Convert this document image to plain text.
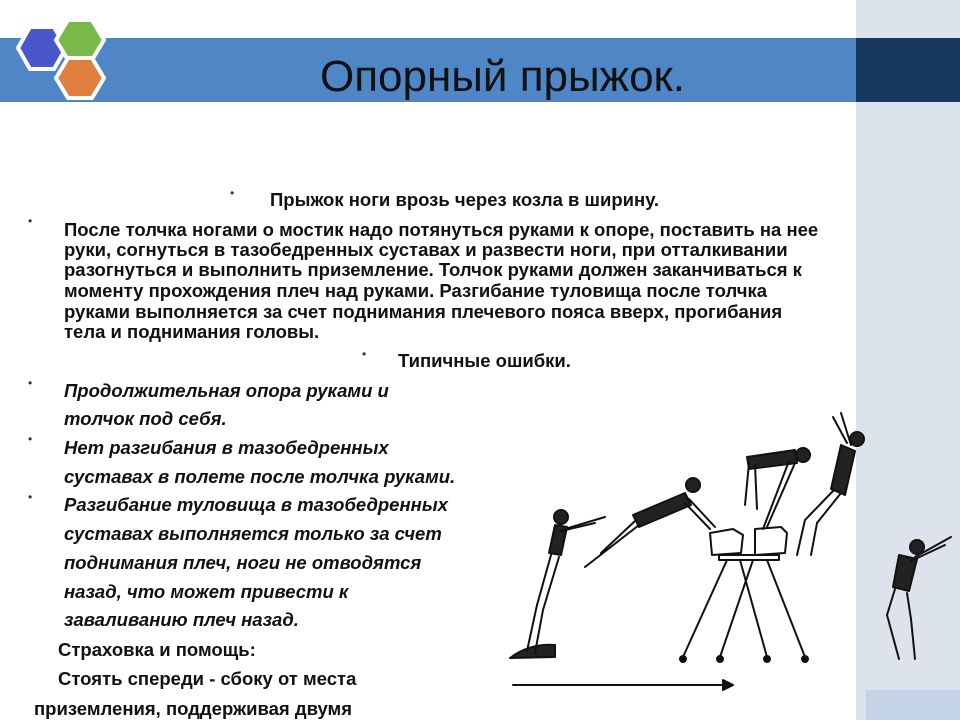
Опорный прыжок.
• Прыжок ноги врозь через козла в ширину.
• После толчка ногами о мостик надо потянуться руками к опоре, поставить на нее
руки, согнуться в тазобедренных суставах и развести ноги, при отталкивании
разогнуться и выполнить приземление. Толчок руками должен заканчиваться к
моменту прохождения плеч над руками. Разгибание туловища после толчка
руками выполняется за счет поднимания плечевого пояса вверх, прогибания
тела и поднимания головы.
• Типичные ошибки.
• Продолжительная опора руками и
толчок под себя.
• Нет разгибания в тазобедренных
суставах в полете после толчка руками.
• Разгибание туловища в тазобедренных
суставах выполняется только за счет
поднимания плеч, ноги не отводятся
назад, что может привести к
заваливанию плеч назад.
Страховка и помощь:
Стоять спереди - сбоку от места
приземления, поддерживая двумя
